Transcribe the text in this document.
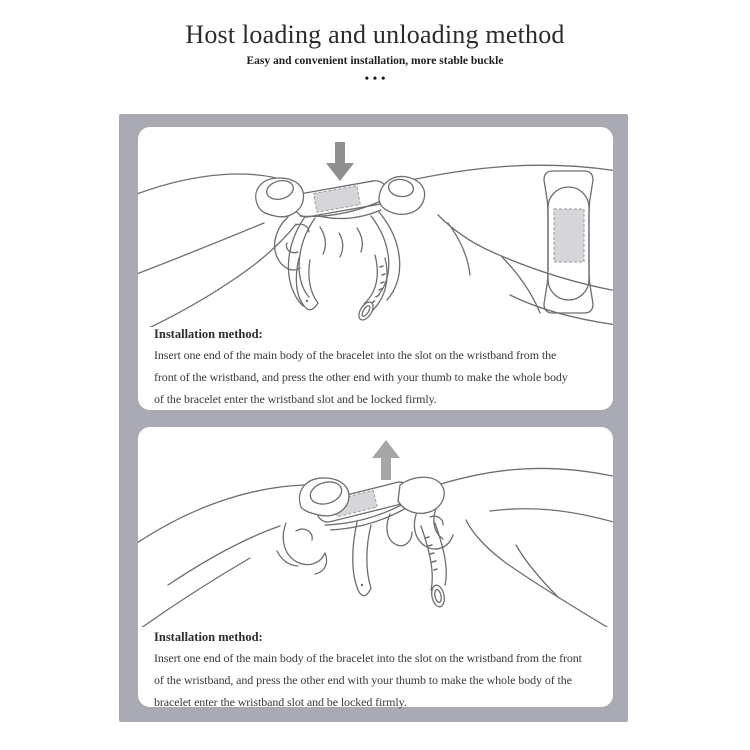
Host loading and unloading method
Easy and convenient installation, more stable buckle
•••
Installation method:
Insert one end of the main body of the bracelet into the slot on the wristband from the
front of the wristband, and press the other end with your thumb to make the whole body
of the bracelet enter the wristband slot and be locked firmly.
Installation method:
Insert one end of the main body of the bracelet into the slot on the wristband from the front
of the wristband, and press the other end with your thumb to make the whole body of the
bracelet enter the wristband slot and be locked firmly.
